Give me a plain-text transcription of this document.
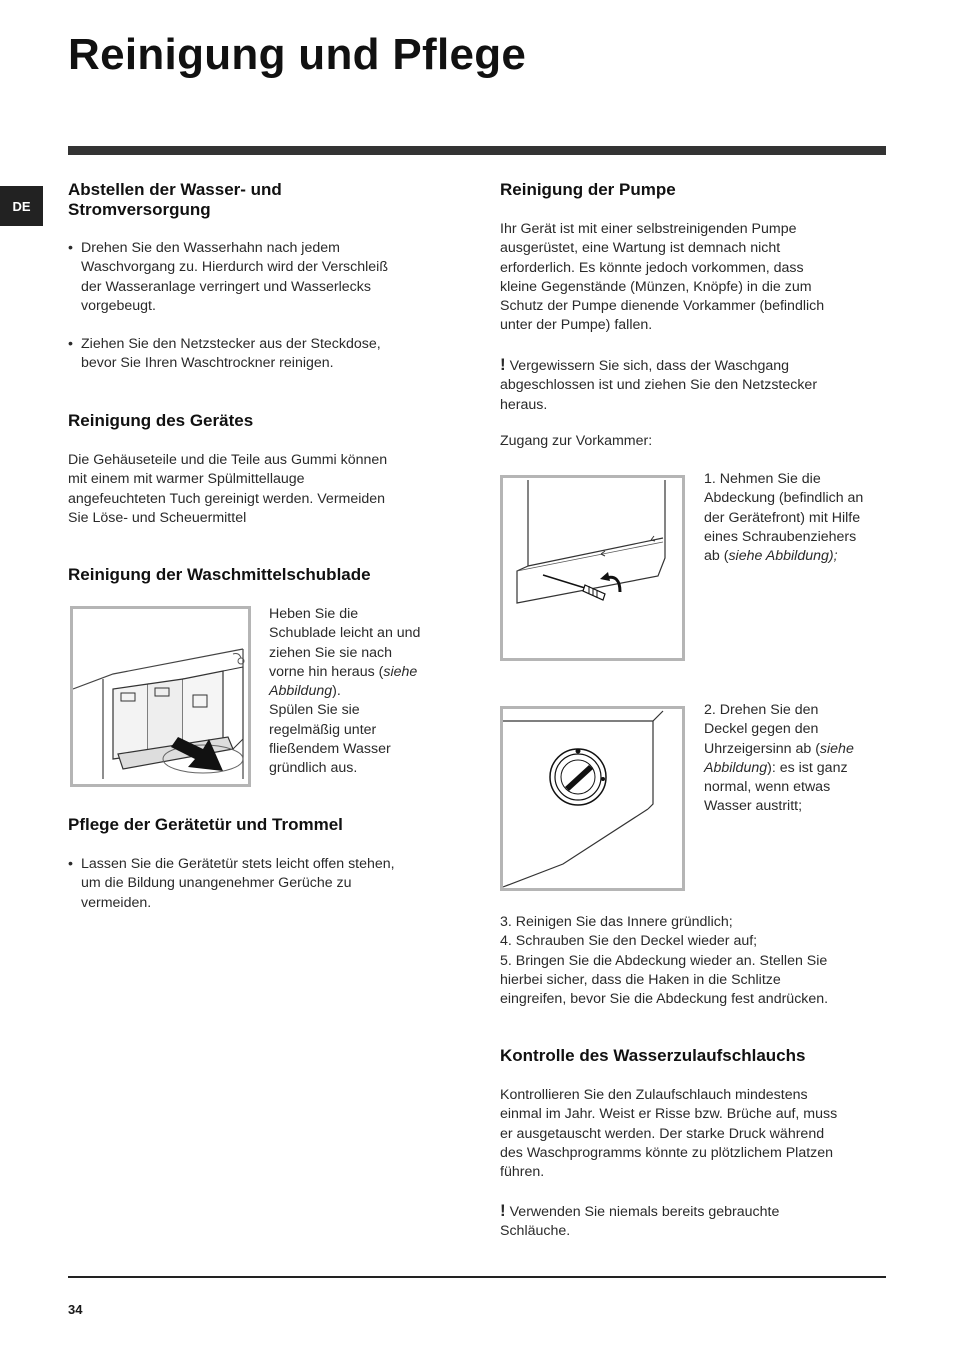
Reinigung und Pflege
DE
Abstellen der Wasser- und
Stromversorgung
• Drehen Sie den Wasserhahn nach jedem
Waschvorgang zu. Hierdurch wird der Verschleiß
der Wasseranlage verringert und Wasserlecks
vorgebeugt.
• Ziehen Sie den Netzstecker aus der Steckdose,
bevor Sie Ihren Waschtrockner reinigen.
Reinigung des Gerätes
Die Gehäuseteile und die Teile aus Gummi können
mit einem mit warmer Spülmittellauge
angefeuchteten Tuch gereinigt werden. Vermeiden
Sie Löse- und Scheuermittel
Reinigung der Waschmittelschublade
Heben Sie die
Schublade leicht an und
ziehen Sie sie nach
vorne hin heraus (siehe
Abbildung).
Spülen Sie sie
regelmäßig unter
fließendem Wasser
gründlich aus.
Pflege der Gerätetür und Trommel
• Lassen Sie die Gerätetür stets leicht offen stehen,
um die Bildung unangenehmer Gerüche zu
vermeiden.
Reinigung der Pumpe
Ihr Gerät ist mit einer selbstreinigenden Pumpe
ausgerüstet, eine Wartung ist demnach nicht
erforderlich. Es könnte jedoch vorkommen, dass
kleine Gegenstände (Münzen, Knöpfe) in die zum
Schutz der Pumpe dienende Vorkammer (befindlich
unter der Pumpe) fallen.
! Vergewissern Sie sich, dass der Waschgang
abgeschlossen ist und ziehen Sie den Netzstecker
heraus.
Zugang zur Vorkammer:
1. Nehmen Sie die
Abdeckung (befindlich an
der Gerätefront) mit Hilfe
eines Schraubenziehers
ab (siehe Abbildung);
2. Drehen Sie den
Deckel gegen den
Uhrzeigersinn ab (siehe
Abbildung): es ist ganz
normal, wenn etwas
Wasser austritt;
3. Reinigen Sie das Innere gründlich;
4. Schrauben Sie den Deckel wieder auf;
5. Bringen Sie die Abdeckung wieder an. Stellen Sie
hierbei sicher, dass die Haken in die Schlitze
eingreifen, bevor Sie die Abdeckung fest andrücken.
Kontrolle des Wasserzulaufschlauchs
Kontrollieren Sie den Zulaufschlauch mindestens
einmal im Jahr. Weist er Risse bzw. Brüche auf, muss
er ausgetauscht werden. Der starke Druck während
des Waschprogramms könnte zu plötzlichem Platzen
führen.
! Verwenden Sie niemals bereits gebrauchte
Schläuche.
34
